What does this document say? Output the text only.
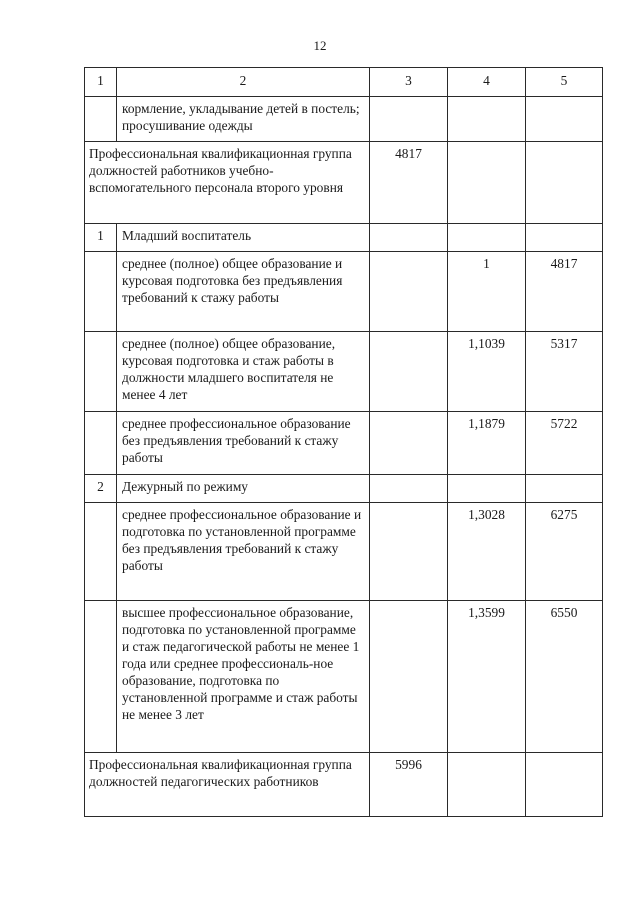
12
1	2	3	4	5
	кормление, укладывание детей в постель; просушивание одежды			
Профессиональная квалификационная группа должностей работников учебно-вспомогательного персонала второго уровня		4817		
1	Младший воспитатель			
	среднее (полное) общее образование и курсовая подготовка без предъявления требований к стажу работы		1	4817
	среднее (полное) общее образование, курсовая подготовка и стаж работы в должности младшего воспитателя не менее 4 лет		1,1039	5317
	среднее профессиональное образование без предъявления требований к стажу работы		1,1879	5722
2	Дежурный по режиму			
	среднее профессиональное образование и подготовка по установленной программе без предъявления требований к стажу работы		1,3028	6275
	высшее профессиональное образование, подготовка по установленной программе и стаж педагогической работы не менее 1 года или среднее профессиональ-ное образование, подготовка по установленной программе и стаж работы не менее 3 лет		1,3599	6550
Профессиональная квалификационная группа должностей педагогических работников		5996		
